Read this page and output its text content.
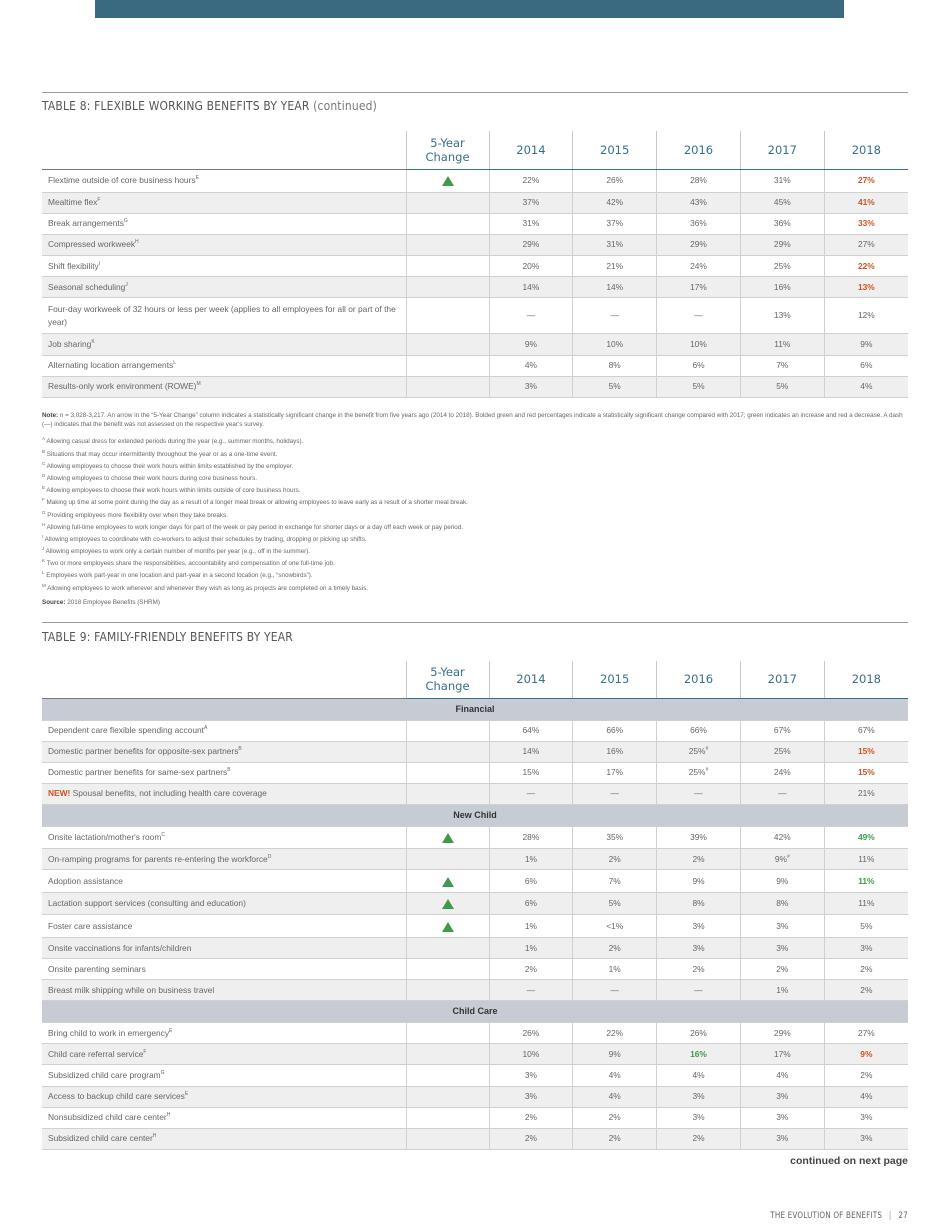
TABLE 8: FLEXIBLE WORKING BENEFITS BY YEAR (continued)
	5-Year
Change	2014	2015	2016	2017	2018
Flextime outside of core business hours$^E$		22%	26%	28%	31%	27%
Mealtime flex$^F$		37%	42%	43%	45%	41%
Break arrangements$^G$		31%	37%	36%	36%	33%
Compressed workweek$^H$		29%	31%	29%	29%	27%
Shift flexibility$^I$		20%	21%	24%	25%	22%
Seasonal scheduling$^J$		14%	14%	17%	16%	13%
Four-day workweek of 32 hours or less per week (applies to all employees for all or part of the year)		—	—	—	13%	12%
Job sharing$^K$		9%	10%	10%	11%	9%
Alternating location arrangements$^L$		4%	8%	6%	7%	6%
Results-only work environment (ROWE)$^M$		3%	5%	5%	5%	4%
Note: n = 3,028-3,217. An arrow in the “5-Year Change” column indicates a statistically significant change in the benefit from five years ago (2014 to 2018). Bolded green and red percentages indicate a statistically significant change compared with 2017; green indicates an increase and red a decrease. A dash (—) indicates that the benefit was not assessed on the respective year's survey.
$^A$ Allowing casual dress for extended periods during the year (e.g., summer months, holidays).
$^B$ Situations that may occur intermittently throughout the year or as a one-time event.
$^C$ Allowing employees to choose their work hours within limits established by the employer.
$^D$ Allowing employees to choose their work hours during core business hours.
$^E$ Allowing employees to choose their work hours within limits outside of core business hours.
$^F$ Making up time at some point during the day as a result of a longer meal break or allowing employees to leave early as a result of a shorter meal break.
$^G$ Providing employees more flexibility over when they take breaks.
$^H$ Allowing full-time employees to work longer days for part of the week or pay period in exchange for shorter days or a day off each week or pay period.
$^I$ Allowing employees to coordinate with co-workers to adjust their schedules by trading, dropping or picking up shifts.
$^J$ Allowing employees to work only a certain number of months per year (e.g., off in the summer).
$^K$ Two or more employees share the responsibilities, accountability and compensation of one full-time job.
$^L$ Employees work part-year in one location and part-year in a second location (e.g., “snowbirds”).
$^M$ Allowing employees to work wherever and whenever they wish as long as projects are completed on a timely basis.
Source: 2018 Employee Benefits (SHRM)
TABLE 9: FAMILY-FRIENDLY BENEFITS BY YEAR
	5-Year
Change	2014	2015	2016	2017	2018
Financial						
Dependent care flexible spending account$^A$		64%	66%	66%	67%	67%
Domestic partner benefits for opposite-sex partners$^B$		14%	16%	25%#	25%	15%
Domestic partner benefits for same-sex partners$^B$		15%	17%	25%#	24%	15%
NEW! Spousal benefits, not including health care coverage		—	—	—	—	21%
New Child						
Onsite lactation/mother's room$^C$		28%	35%	39%	42%	49%
On-ramping programs for parents re-entering the workforce$^D$		1%	2%	2%	9%#	11%
Adoption assistance		6%	7%	9%	9%	11%
Lactation support services (consulting and education)		6%	5%	8%	8%	11%
Foster care assistance		1%	<1%	3%	3%	5%
Onsite vaccinations for infants/children		1%	2%	3%	3%	3%
Onsite parenting seminars		2%	1%	2%	2%	2%
Breast milk shipping while on business travel		—	—	—	1%	2%
Child Care						
Bring child to work in emergency$^E$		26%	22%	26%	29%	27%
Child care referral service$^F$		10%	9%	16%	17%	9%
Subsidized child care program$^G$		3%	4%	4%	4%	2%
Access to backup child care services$^E$		3%	4%	3%	3%	4%
Nonsubsidized child care center$^H$		2%	2%	3%	3%	3%
Subsidized child care center$^H$		2%	2%	2%	3%	3%
continued on next page
THE EVOLUTION OF BENEFITS | 27
